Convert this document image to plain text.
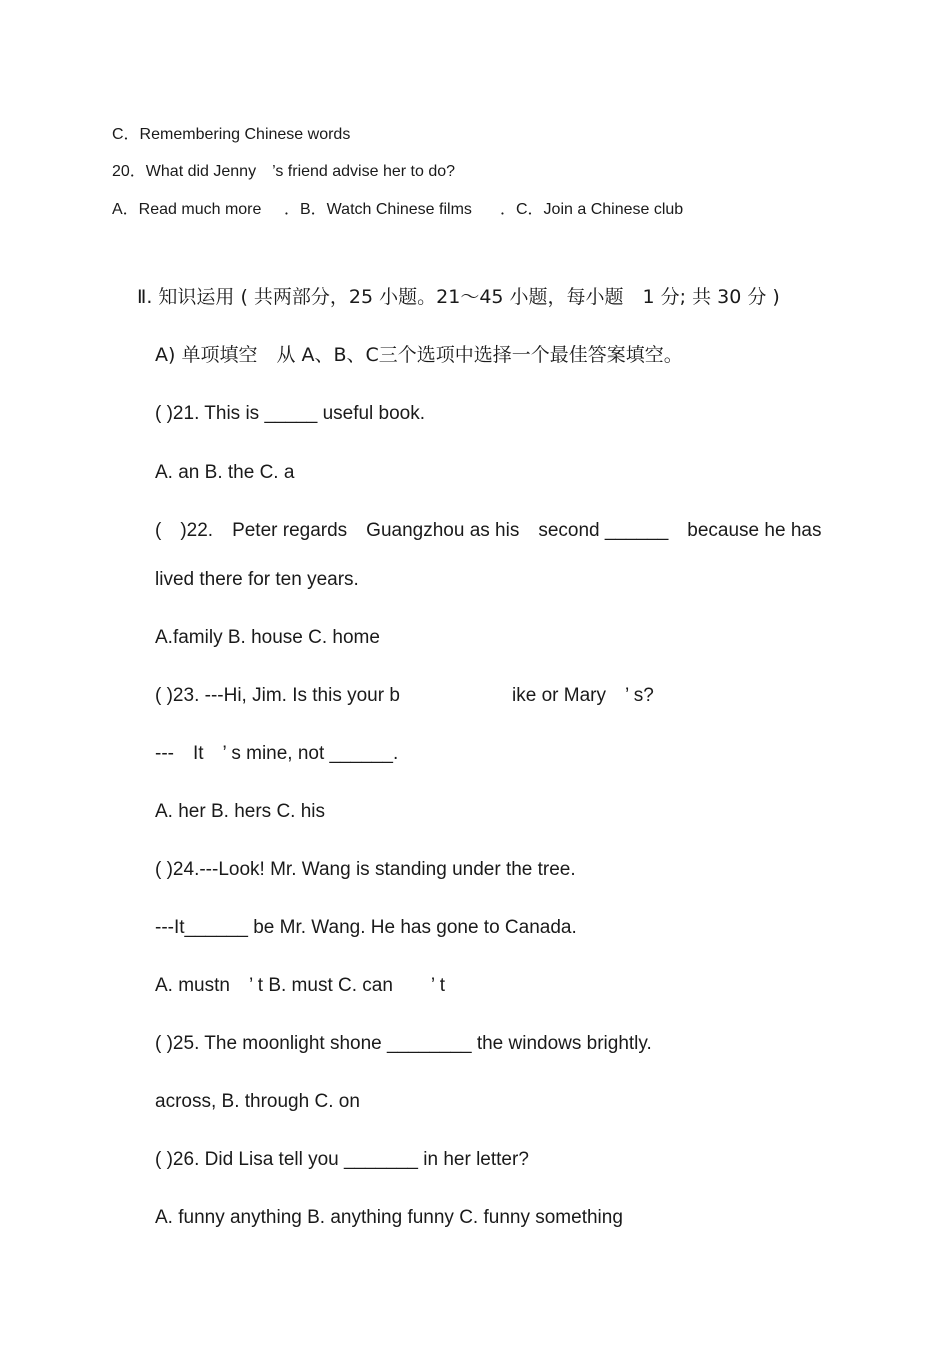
C．Remembering Chinese words
20．What did Jenny　’s friend advise her to do?
A．Read much more ．B．Watch Chinese films ．C．Join a Chinese club
Ⅱ. 知识运用 ( 共两部分，25 小题。21～45 小题，每小题　1 分; 共 30 分 )
A) 单项填空　从 A、B、C三个选项中选择一个最佳答案填空。
( )21. This is _____ useful book.
A. an B. the C. a
(　)22.　Peter regards　Guangzhou as his　second ______　because he has
lived there for ten years.
A.family B. house C. home
( )23. ---Hi, Jim. Is this your b	ike or Mary　’ s?
---　It　’ s mine, not ______.
A. her B. hers C. his
( )24.---Look! Mr. Wang is standing under the tree.
---It______ be Mr. Wang. He has gone to Canada.
A. mustn　’ t B. must C. can　　’ t
( )25. The moonlight shone ________ the windows brightly.
across, B. through C. on
( )26. Did Lisa tell you _______ in her letter?
A. funny anything B. anything funny C. funny something
